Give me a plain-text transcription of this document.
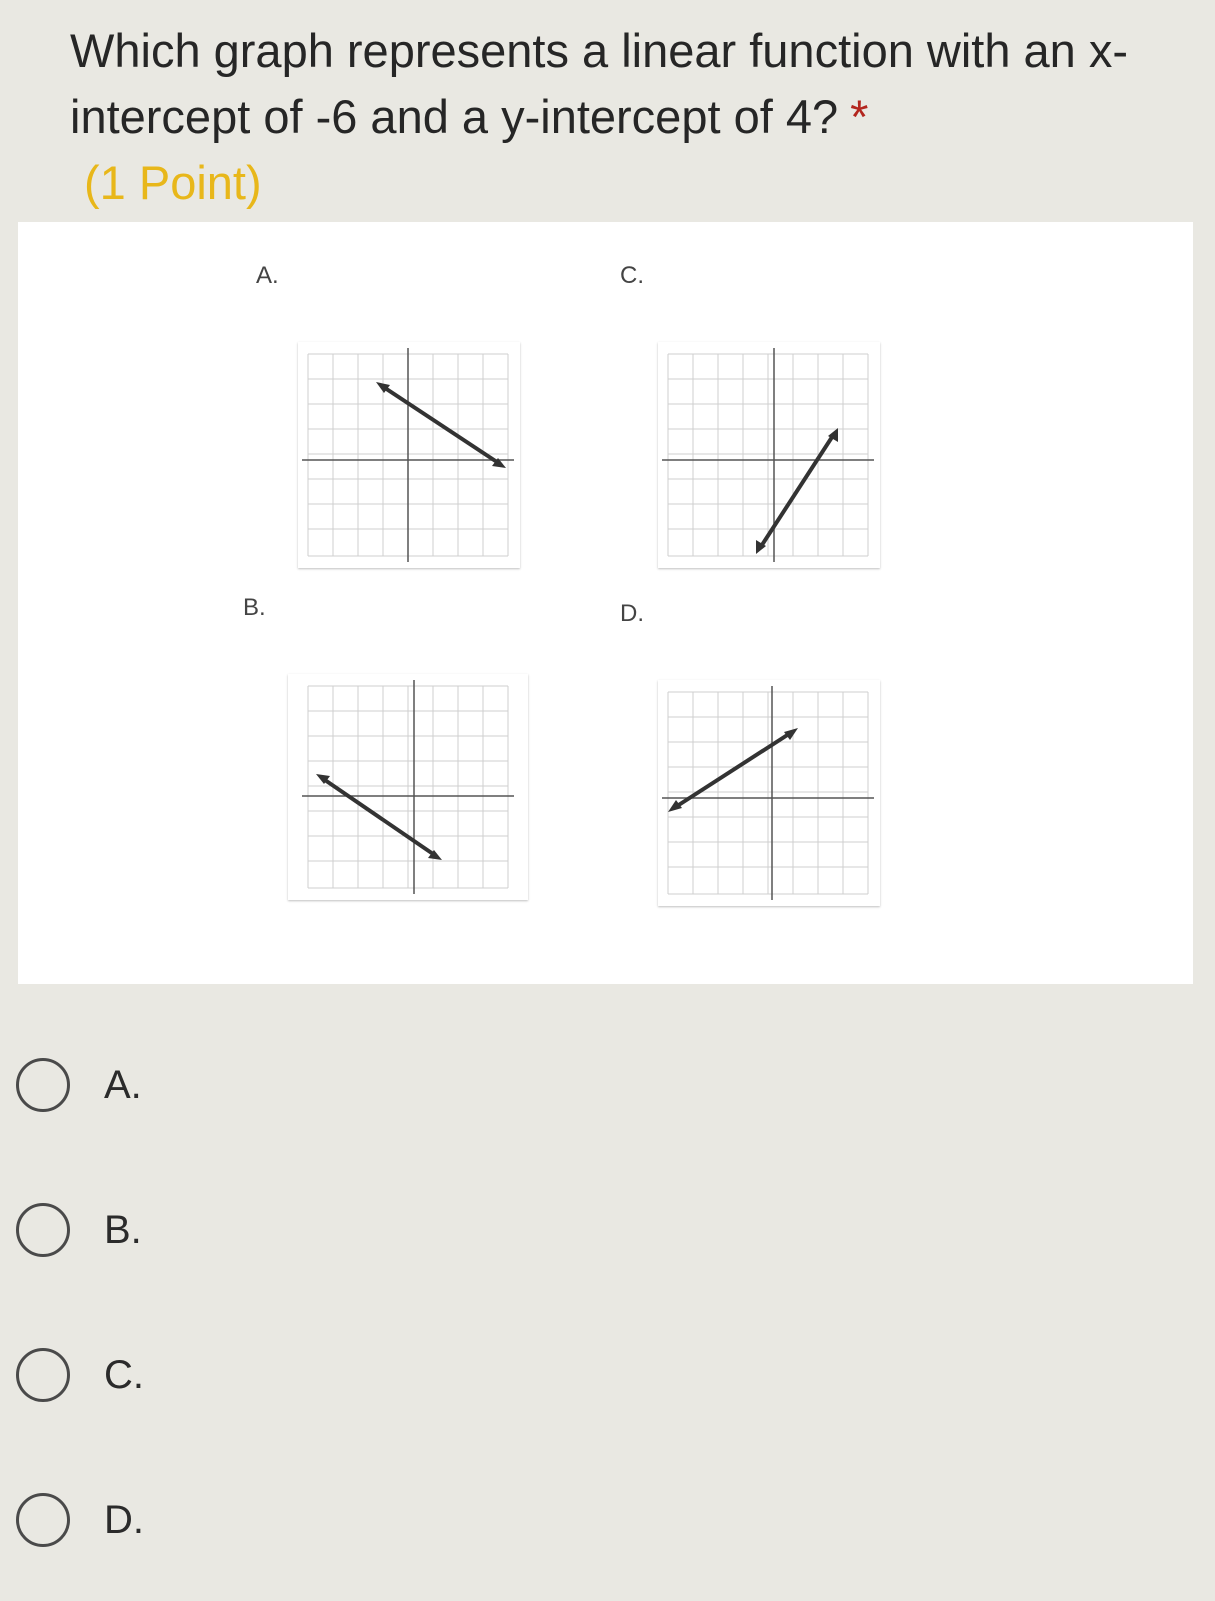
Which graph represents a linear function with an x-intercept of -6 and a y-intercept of 4? *
(1 Point)
A.	C.
B.	D.
A.
B.
C.
D.
